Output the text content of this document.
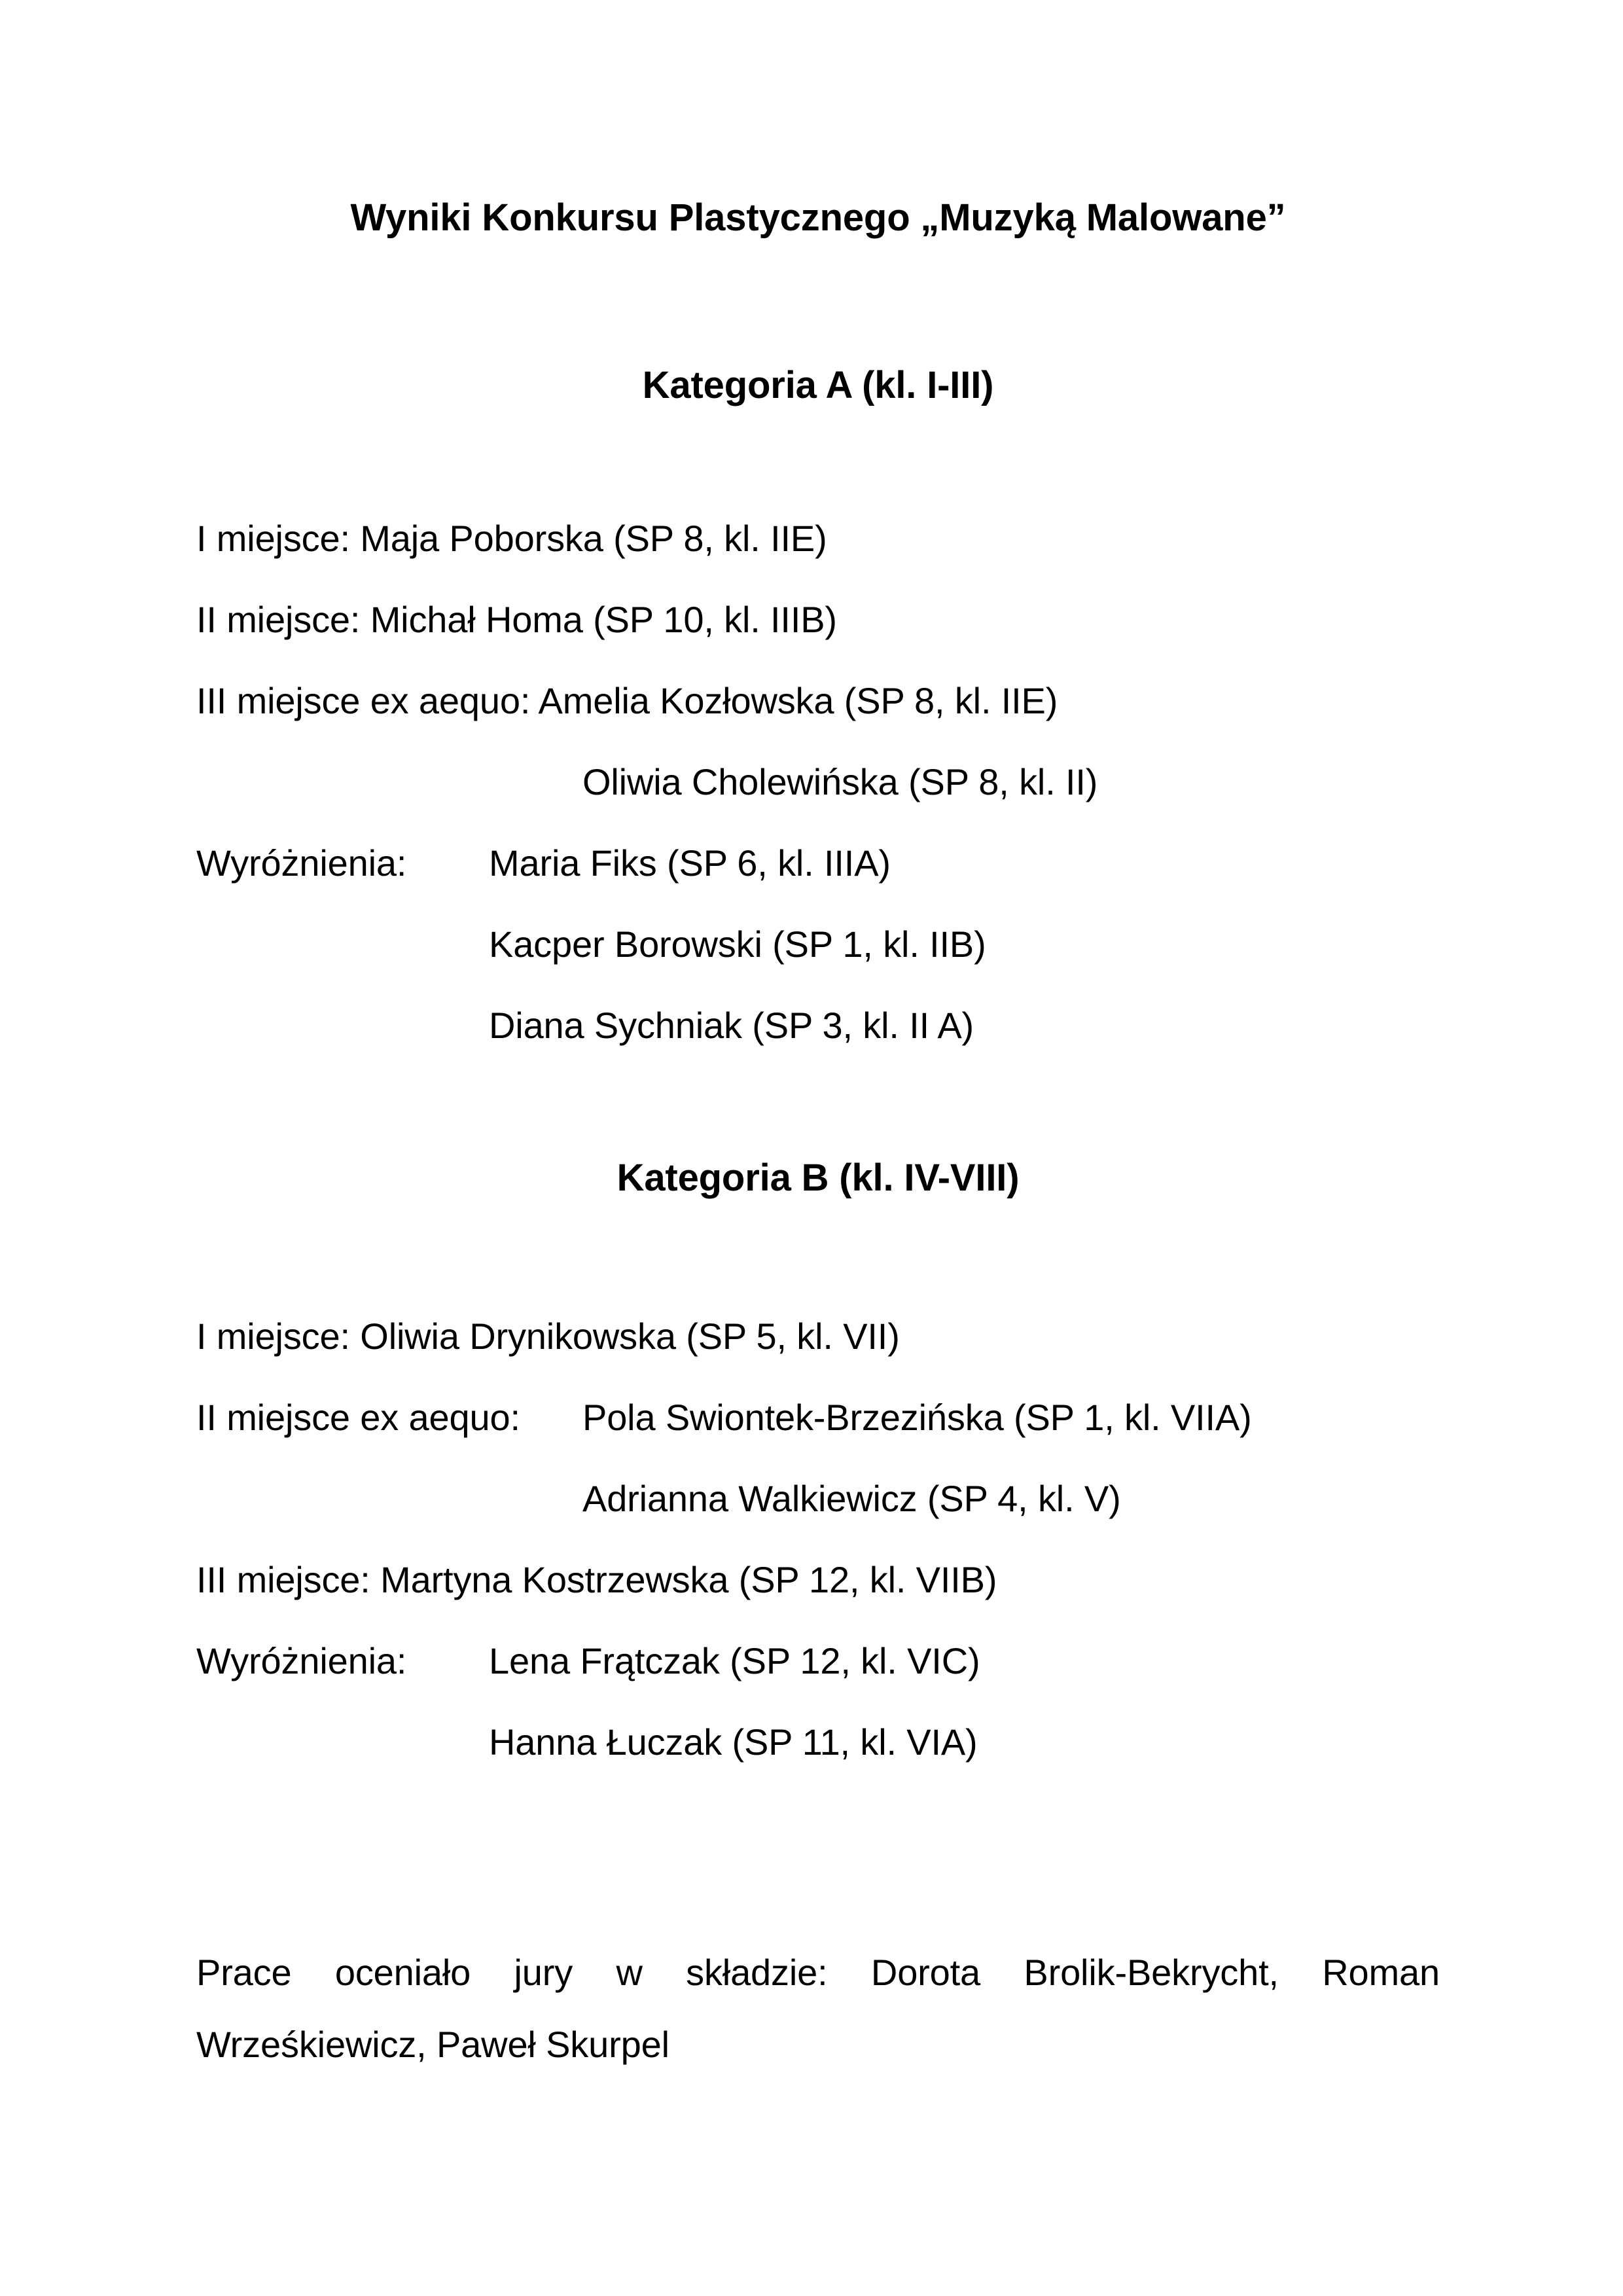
Wyniki Konkursu Plastycznego „Muzyką Malowane”
Kategoria A (kl. I-III)
I miejsce: Maja Poborska (SP 8, kl. IIE)
II miejsce: Michał Homa (SP 10, kl. IIIB)
III miejsce ex aequo: Amelia Kozłowska (SP 8, kl. IIE)
Oliwia Cholewińska (SP 8, kl. II)
Wyróżnienia:	Maria Fiks (SP 6, kl. IIIA)
Kacper Borowski (SP 1, kl. IIB)
Diana Sychniak (SP 3, kl. II A)
Kategoria B (kl. IV-VIII)
I miejsce: Oliwia Drynikowska (SP 5, kl. VII)
II miejsce ex aequo:	Pola Swiontek-Brzezińska (SP 1, kl. VIIA)
Adrianna Walkiewicz (SP 4, kl. V)
III miejsce: Martyna Kostrzewska (SP 12, kl. VIIB)
Wyróżnienia:	Lena Frątczak (SP 12, kl. VIC)
Hanna Łuczak (SP 11, kl. VIA)
Prace oceniało jury w składzie: Dorota Brolik-Bekrycht, Roman Wrześkiewicz, Paweł Skurpel
